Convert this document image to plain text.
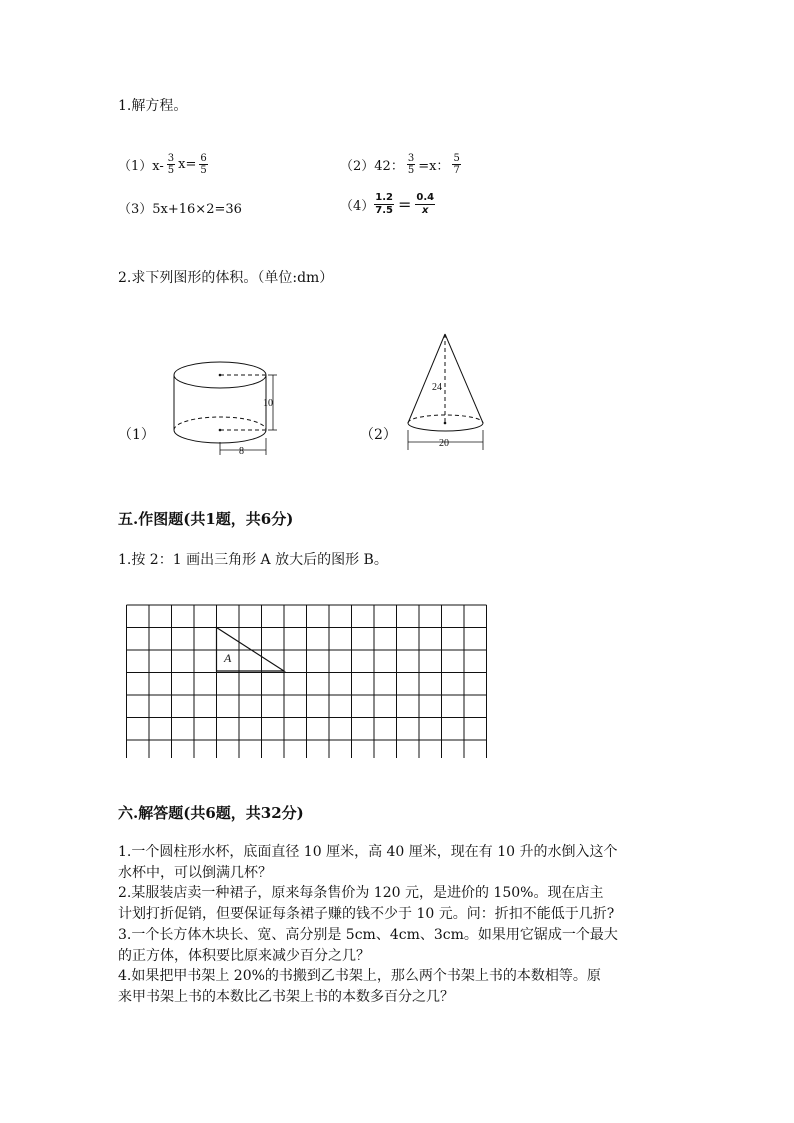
1.解方程。
$(1)x- \frac{3}{5} x= \frac{6}{5}$	（2）42： $\frac{3}{5} =x$： $\frac{5}{7}$
（3）5x+16×2=36	$(4) \frac{1.2}{7.5} = \frac{0.4}{x}$
2.求下列图形的体积。（单位:dm）
（1）
10
8
（2）
24
20
五.作图题(共1题，共6分)
1.按 2：1 画出三角形 A 放大后的图形 B。
A
六.解答题(共6题，共32分)
1.一个圆柱形水杯，底面直径 10 厘米，高 40 厘米，现在有 10 升的水倒入这个
水杯中，可以倒满几杯？
2.某服装店卖一种裙子，原来每条售价为 120 元，是进价的 150%。现在店主
计划打折促销，但要保证每条裙子赚的钱不少于 10 元。问：折扣不能低于几折?
3.一个长方体木块长、宽、高分别是 5cm、4cm、3cm。如果用它锯成一个最大
的正方体，体积要比原来减少百分之几？
4.如果把甲书架上 20%的书搬到乙书架上，那么两个书架上书的本数相等。原
来甲书架上书的本数比乙书架上书的本数多百分之几？
